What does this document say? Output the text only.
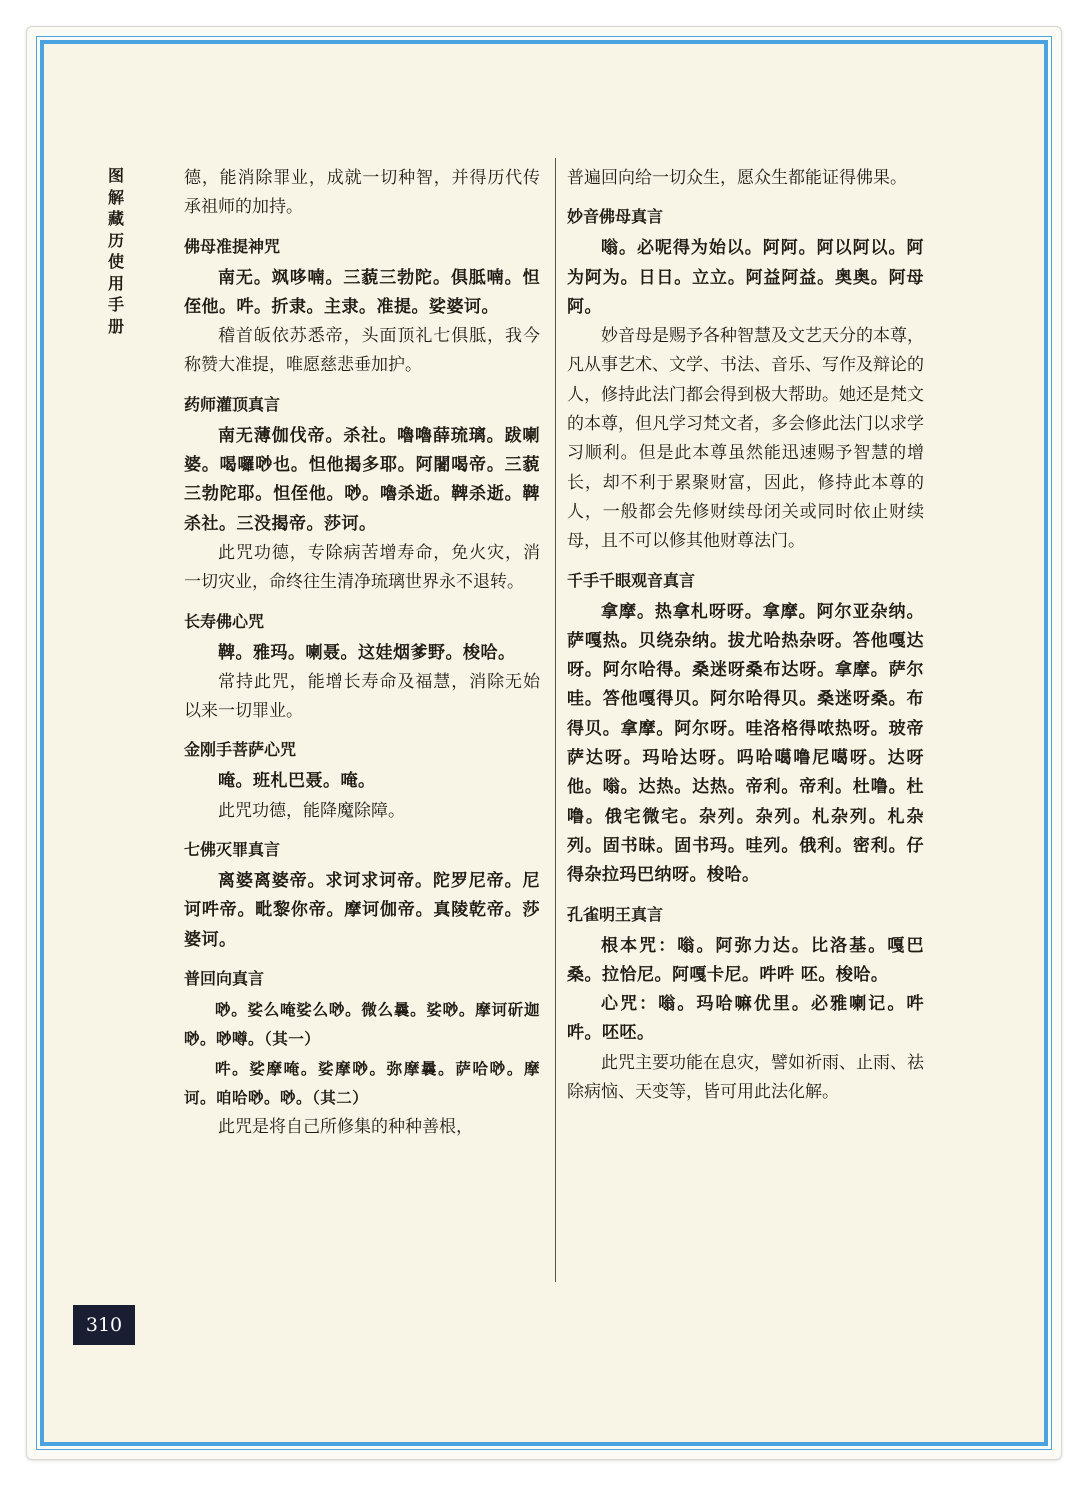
图
解
藏
历
使
用
手
册

德，能消除罪业，成就一切种智，并得历代传承祖师的加持。

佛母准提神咒

南无。飒哆喃。三藐三勃陀。俱胝喃。怛侄他。吽。折隶。主隶。准提。娑婆诃。

稽首皈依苏悉帝，头面顶礼七俱胝，我今称赞大准提，唯愿慈悲垂加护。

药师灌顶真言

南无薄伽伐帝。杀社。嚕嚕薛琉璃。跋喇婆。喝囉唦也。怛他揭多耶。阿闍喝帝。三藐三勃陀耶。怛侄他。唦。嚕杀逝。鞞杀逝。鞞杀社。三没揭帝。莎诃。

此咒功德，专除病苦增寿命，免火灾，消一切灾业，命终往生清净琉璃世界永不退转。

长寿佛心咒

鞞。雅玛。喇聂。这娃烟爹野。梭哈。

常持此咒，能增长寿命及福慧，消除无始以来一切罪业。

金刚手菩萨心咒

唵。班札巴聂。唵。

此咒功德，能降魔除障。

七佛灭罪真言

离婆离婆帝。求诃求诃帝。陀罗尼帝。尼诃吽帝。毗黎你帝。摩诃伽帝。真陵乾帝。莎婆诃。

普回向真言

唦。娑么唵娑么唦。微么曩。娑唦。摩诃斫迦唦。唦噂。（其一）

吽。娑摩唵。娑摩唦。弥摩曩。萨哈唦。摩诃。咱哈唦。唦。（其二）

此咒是将自己所修集的种种善根，

普遍回向给一切众生，愿众生都能证得佛果。

妙音佛母真言

嗡。必呢得为始以。阿阿。阿以阿以。阿为阿为。日日。立立。阿益阿益。奥奥。阿母阿。

妙音母是赐予各种智慧及文艺天分的本尊，凡从事艺术、文学、书法、音乐、写作及辩论的人，修持此法门都会得到极大帮助。她还是梵文的本尊，但凡学习梵文者，多会修此法门以求学习顺利。但是此本尊虽然能迅速赐予智慧的增长，却不利于累聚财富，因此，修持此本尊的人，一般都会先修财续母闭关或同时依止财续母，且不可以修其他财尊法门。

千手千眼观音真言

拿摩。热拿札呀呀。拿摩。阿尔亚杂纳。萨嘎热。贝绕杂纳。拔尤哈热杂呀。答他嘎达呀。阿尔哈得。桑迷呀桑布达呀。拿摩。萨尔哇。答他嘎得贝。阿尔哈得贝。桑迷呀桑。布得贝。拿摩。阿尔呀。哇洛格得哝热呀。玻帝萨达呀。玛哈达呀。吗哈噶噜尼噶呀。达呀他。嗡。达热。达热。帝利。帝利。杜噜。杜噜。俄宅微宅。杂列。杂列。札杂列。札杂列。固书昧。固书玛。哇列。俄利。密利。仔得杂拉玛巴纳呀。梭哈。

孔雀明王真言

根本咒：嗡。阿弥力达。比洛基。嘎巴桑。拉恰尼。阿嘎卡尼。吽吽 呸。梭哈。

心咒：嗡。玛哈嘛优里。必雅喇记。吽吽。呸呸。

此咒主要功能在息灾，譬如祈雨、止雨、祛除病恼、天变等，皆可用此法化解。

310
